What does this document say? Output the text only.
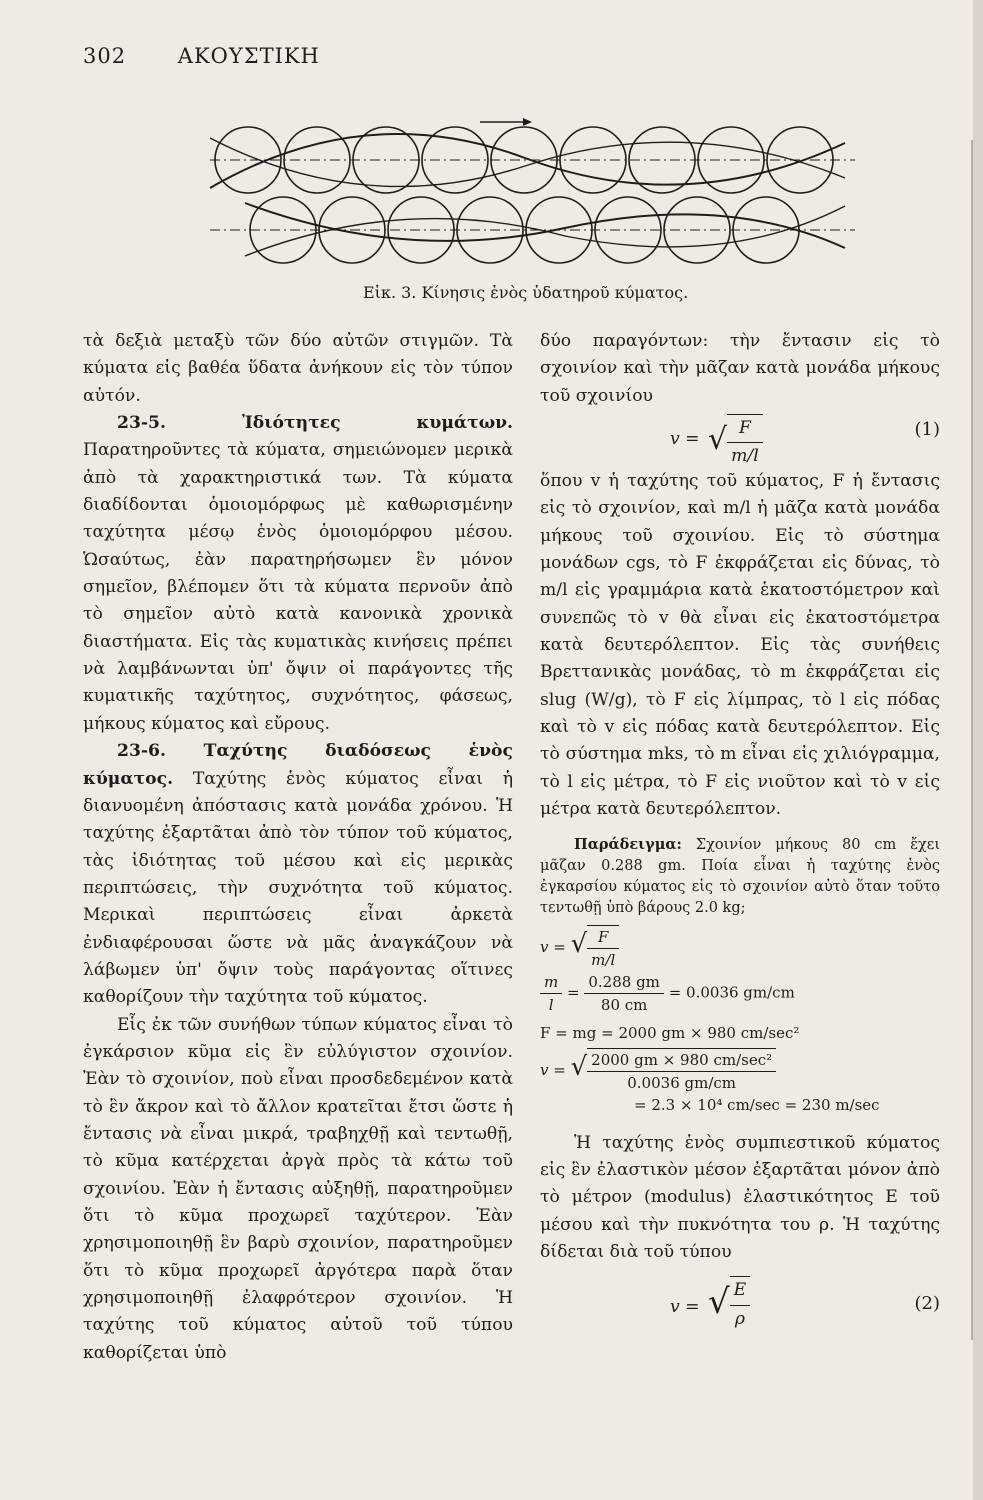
302 ΑΚΟΥΣΤΙΚΗ
Εἰκ. 3. Κίνησις ἑνὸς ὑδατηροῦ κύματος.

τὰ δεξιὰ μεταξὺ τῶν δύο αὐτῶν στιγμῶν. Τὰ κύματα εἰς βαθέα ὕδατα ἀνήκουν εἰς τὸν τύπον αὐτόν.

23-5. Ἰδιότητες κυμάτων. Παρατηροῦντες τὰ κύματα, σημειώνομεν μερικὰ ἀπὸ τὰ χαρακτηριστικά των. Τὰ κύματα διαδίδονται ὁμοιομόρφως μὲ καθωρισμένην ταχύτητα μέσῳ ἑνὸς ὁμοιομόρφου μέσου. Ὡσαύτως, ἐὰν παρατηρήσωμεν ἓν μόνον σημεῖον, βλέπομεν ὅτι τὰ κύματα περνοῦν ἀπὸ τὸ σημεῖον αὐτὸ κατὰ κανονικὰ χρονικὰ διαστήματα. Εἰς τὰς κυματικὰς κινήσεις πρέπει νὰ λαμβάνωνται ὑπ' ὄψιν οἱ παράγοντες τῆς κυματικῆς ταχύτητος, συχνότητος, φάσεως, μήκους κύματος καὶ εὔρους.

23-6. Ταχύτης διαδόσεως ἑνὸς κύματος. Ταχύτης ἑνὸς κύματος εἶναι ἡ διανυομένη ἀπόστασις κατὰ μονάδα χρόνου. Ἡ ταχύτης ἐξαρτᾶται ἀπὸ τὸν τύπον τοῦ κύματος, τὰς ἰδιότητας τοῦ μέσου καὶ εἰς μερικὰς περιπτώσεις, τὴν συχνότητα τοῦ κύματος. Μερικαὶ περιπτώσεις εἶναι ἀρκετὰ ἐνδιαφέρουσαι ὥστε νὰ μᾶς ἀναγκάζουν νὰ λάβωμεν ὑπ' ὄψιν τοὺς παράγοντας οἵτινες καθορίζουν τὴν ταχύτητα τοῦ κύματος.

Εἷς ἐκ τῶν συνήθων τύπων κύματος εἶναι τὸ ἐγκάρσιον κῦμα εἰς ἓν εὐλύγιστον σχοινίον. Ἐὰν τὸ σχοινίον, ποὺ εἶναι προσδεδεμένον κατὰ τὸ ἓν ἄκρον καὶ τὸ ἄλλον κρατεῖται ἔτσι ὥστε ἡ ἔντασις νὰ εἶναι μικρά, τραβηχθῇ καὶ τεντωθῇ, τὸ κῦμα κατέρχεται ἀργὰ πρὸς τὰ κάτω τοῦ σχοινίου. Ἐὰν ἡ ἔντασις αὐξηθῇ, παρατηροῦμεν ὅτι τὸ κῦμα προχωρεῖ ταχύτερον. Ἐὰν χρησιμοποιηθῇ ἓν βαρὺ σχοινίον, παρατηροῦμεν ὅτι τὸ κῦμα προχωρεῖ ἀργότερα παρὰ ὅταν χρησιμοποιηθῇ ἐλαφρότερον σχοινίον. Ἡ ταχύτης τοῦ κύματος αὐτοῦ τοῦ τύπου καθορίζεται ὑπὸ

δύο παραγόντων: τὴν ἔντασιν εἰς τὸ σχοινίον καὶ τὴν μᾶζαν κατὰ μονάδα μήκους τοῦ σχοινίου

v = √ $\frac{F}{m/l}$	(1)

ὅπου v ἡ ταχύτης τοῦ κύματος, F ἡ ἔντασις εἰς τὸ σχοινίον, καὶ m/l ἡ μᾶζα κατὰ μονάδα μήκους τοῦ σχοινίου. Εἰς τὸ σύστημα μονάδων cgs, τὸ F ἐκφράζεται εἰς δύνας, τὸ m/l εἰς γραμμάρια κατὰ ἑκατοστόμετρον καὶ συνεπῶς τὸ v θὰ εἶναι εἰς ἑκατοστόμετρα κατὰ δευτερόλεπτον. Εἰς τὰς συνήθεις Βρεττανικὰς μονάδας, τὸ m ἐκφράζεται εἰς slug (W/g), τὸ F εἰς λίμπρας, τὸ l εἰς πόδας καὶ τὸ v εἰς πόδας κατὰ δευτερόλεπτον. Εἰς τὸ σύστημα mks, τὸ m εἶναι εἰς χιλιόγραμμα, τὸ l εἰς μέτρα, τὸ F εἰς νιοῦτον καὶ τὸ v εἰς μέτρα κατὰ δευτερόλεπτον.

Παράδειγμα: Σχοινίον μήκους 80 cm ἔχει μᾶζαν 0.288 gm. Ποία εἶναι ἡ ταχύτης ἑνὸς ἐγκαρσίου κύματος εἰς τὸ σχοινίον αὐτὸ ὅταν τοῦτο τεντωθῇ ὑπὸ βάρους 2.0 kg;

v = √ $\frac{F}{m/l}$
$\frac{m}{l} = \frac{0.288 gm}{80 cm} = 0.0036$ gm/cm
F = mg = 2000 gm × 980 cm/sec²
v = √ $\frac{\text{2000 gm × 980 cm/sec²}}{0.0036 gm/cm}$
= 2.3 × 10⁴ cm/sec = 230 m/sec

Ἡ ταχύτης ἑνὸς συμπιεστικοῦ κύματος εἰς ἓν ἐλαστικὸν μέσον ἐξαρτᾶται μόνον ἀπὸ τὸ μέτρον (modulus) ἐλαστικότητος E τοῦ μέσου καὶ τὴν πυκνότητα του ρ. Ἡ ταχύτης δίδεται διὰ τοῦ τύπου

v = √ $\frac{E}{\rho}$	(2)
